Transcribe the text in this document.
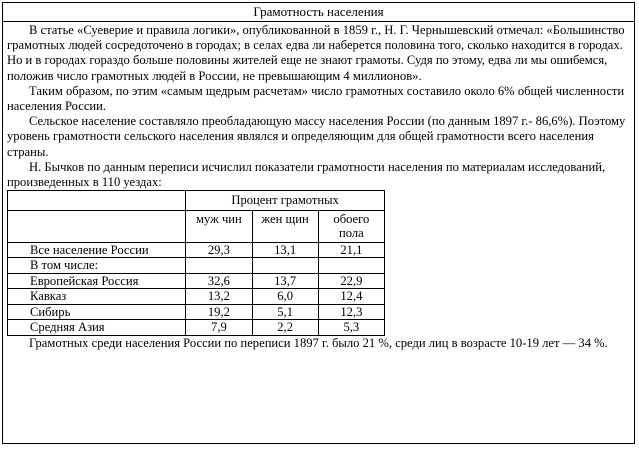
Грамотность населения

В статье «Суеверие и правила логики», опубликованной в 1859 г., Н. Г. Чернышевский отмечал: «Большинство грамотных людей сосредоточено в городах; в селах едва ли наберется половина того, сколько находится в городах. Но и в городах гораздо больше половины жителей еще не знают грамоты. Судя по этому, едва ли мы ошибемся, положив число грамотных людей в России, не превышающим 4 миллионов».

Таким образом, по этим «самым щедрым расчетам» число грамотных составило около 6% общей численности населения России.

Сельское население составляло преобладающую массу населения России (по данным 1897 г.- 86,6%). Поэтому уровень грамотности сельского населения являлся и определяющим для общей грамотности всего населения страны.

Н. Бычков по данным переписи исчислил показатели грамотности населения по материалам исследований, произведенных в 110 уездах:

	Процент грамотных		
	муж чин	жен щин	обоего пола
Все население России	29,3	13,1	21,1
В том числе:			
Европейская Россия	32,6	13,7	22,9
Кавказ	13,2	6,0	12,4
Сибирь	19,2	5,1	12,3
Средняя Азия	7,9	2,2	5,3

Грамотных среди населения России по переписи 1897 г. было 21 %, среди лиц в возрасте 10-19 лет — 34 %.
